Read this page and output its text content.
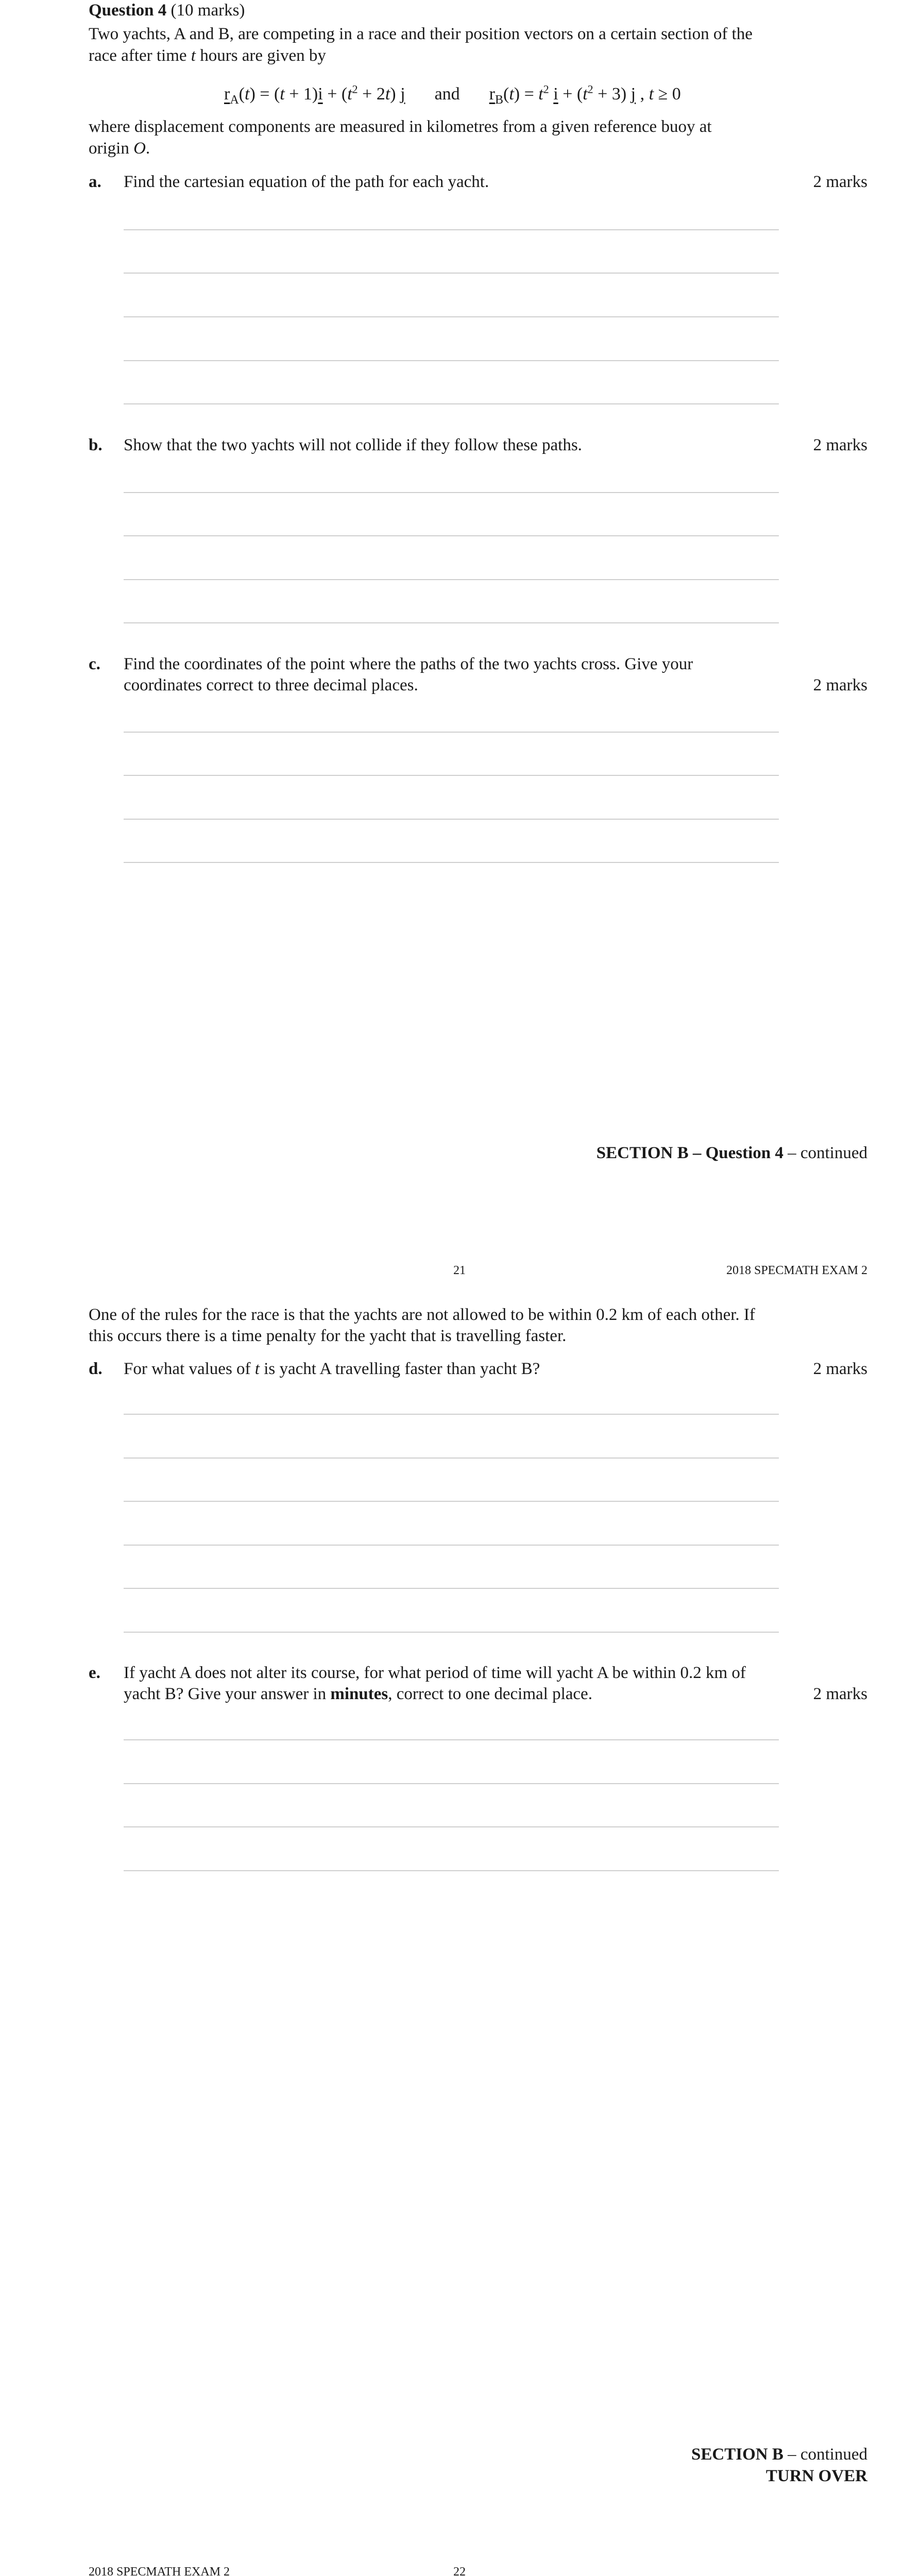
Question 4 (10 marks)
Two yachts, A and B, are competing in a race and their position vectors on a certain section of the
race after time t hours are given by
$r_A(t) = (t + 1)i + (t^2 + 2t)$ j and $r_B(t) = t^2$ $i + (t^2 + 3)$ j , t ≥ 0
where displacement components are measured in kilometres from a given reference buoy at
origin O.
a. Find the cartesian equation of the path for each yacht.	2 marks
b. Show that the two yachts will not collide if they follow these paths.	2 marks
c. Find the coordinates of the point where the paths of the two yachts cross. Give your
coordinates correct to three decimal places.	2 marks
SECTION B – Question 4 – continued
21	2018 SPECMATH EXAM 2
One of the rules for the race is that the yachts are not allowed to be within 0.2 km of each other. If
this occurs there is a time penalty for the yacht that is travelling faster.
d. For what values of t is yacht A travelling faster than yacht B?	2 marks
e. If yacht A does not alter its course, for what period of time will yacht A be within 0.2 km of
yacht B? Give your answer in minutes, correct to one decimal place.	2 marks
SECTION B – continued
TURN OVER
2018 SPECMATH EXAM 2	22
